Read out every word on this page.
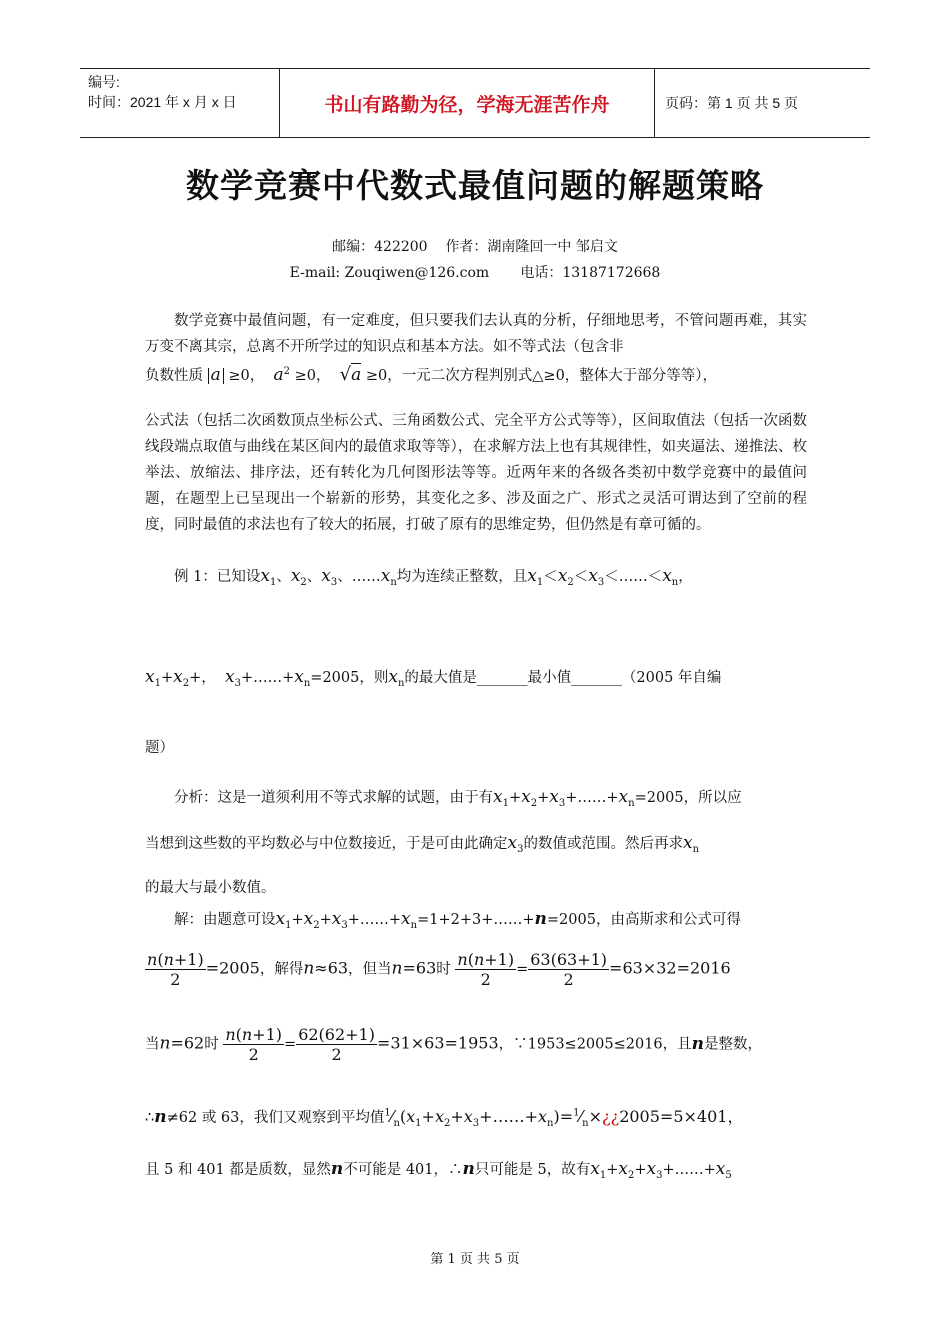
编号:
时间：2021 年 x 月 x 日	书山有路勤为径，学海无涯苦作舟	页码：第 1 页 共 5 页
数学竞赛中代数式最值问题的解题策略
邮编：422200    作者：湖南隆回一中 邹启文
E-mail: Zouqiwen@126.com       电话：13187172668
数学竞赛中最值问题，有一定难度，但只要我们去认真的分析，仔细地思考，不管问题再难，其实万变不离其宗，总离不开所学过的知识点和基本方法。如不等式法（包含非
负数性质 a ≥0， $a^2 \ge 0$， √a ≥0，一元二次方程判别式△≥0，整体大于部分等等），
公式法（包括二次函数顶点坐标公式、三角函数公式、完全平方公式等等），区间取值法（包括一次函数线段端点取值与曲线在某区间内的最值求取等等），在求解方法上也有其规律性，如夹逼法、递推法、枚举法、放缩法、排序法，还有转化为几何图形法等等。近两年来的各级各类初中数学竞赛中的最值问题，在题型上已呈现出一个崭新的形势，其变化之多、涉及面之广、形式之灵活可谓达到了空前的程度，同时最值的求法也有了较大的拓展，打破了原有的思维定势，但仍然是有章可循的。
例 1：已知设$x_1$、$x_2$、$x_3$、$\dots\dots x_n$均为连续正整数，且$x_1<x_2<x_3<\dots\dots<x_n$，
$x_1+x_2+$，  $x_3+\dots\dots+x_n=2005$，则$x_n$的最大值是_______最小值_______（2005 年自编
题）
分析：这是一道须利用不等式求解的试题，由于有$x_1+x_2+x_3+\dots\dots+x_n=2005$，所以应
当想到这些数的平均数必与中位数接近，于是可由此确定$x_3$的数值或范围。然后再求$x_n$
的最大与最小数值。
解：由题意可设$x_1+x_2+x_3+\dots\dots+x_n=1+2+3+\dots\dots+n=2005$，由高斯求和公式可得
$\frac{n(n+1)}{2} =2005$，解得n≈63，但当n=63时 $\frac{n(n+1)}{2} = \frac{63(63+1)}{2} =63\times 32=2016$
当n=62时 $\frac{n(n+1)}{2} = \frac{62(62+1)}{2} =31\times 63=1953$，∵1953≤2005≤2016，且n是整数，
∴n≠62 或 63，我们又观察到平均值$^1⁄_n(x_1+x_2+x_3+\dots\dots+x_n)=^1⁄_n\times¿¿2005=5\times 401$，
且 5 和 401 都是质数，显然n不可能是 401，∴n只可能是 5，故有$x_1+x_2+x_3+\dots\dots+x_5$
第 1 页 共 5 页
